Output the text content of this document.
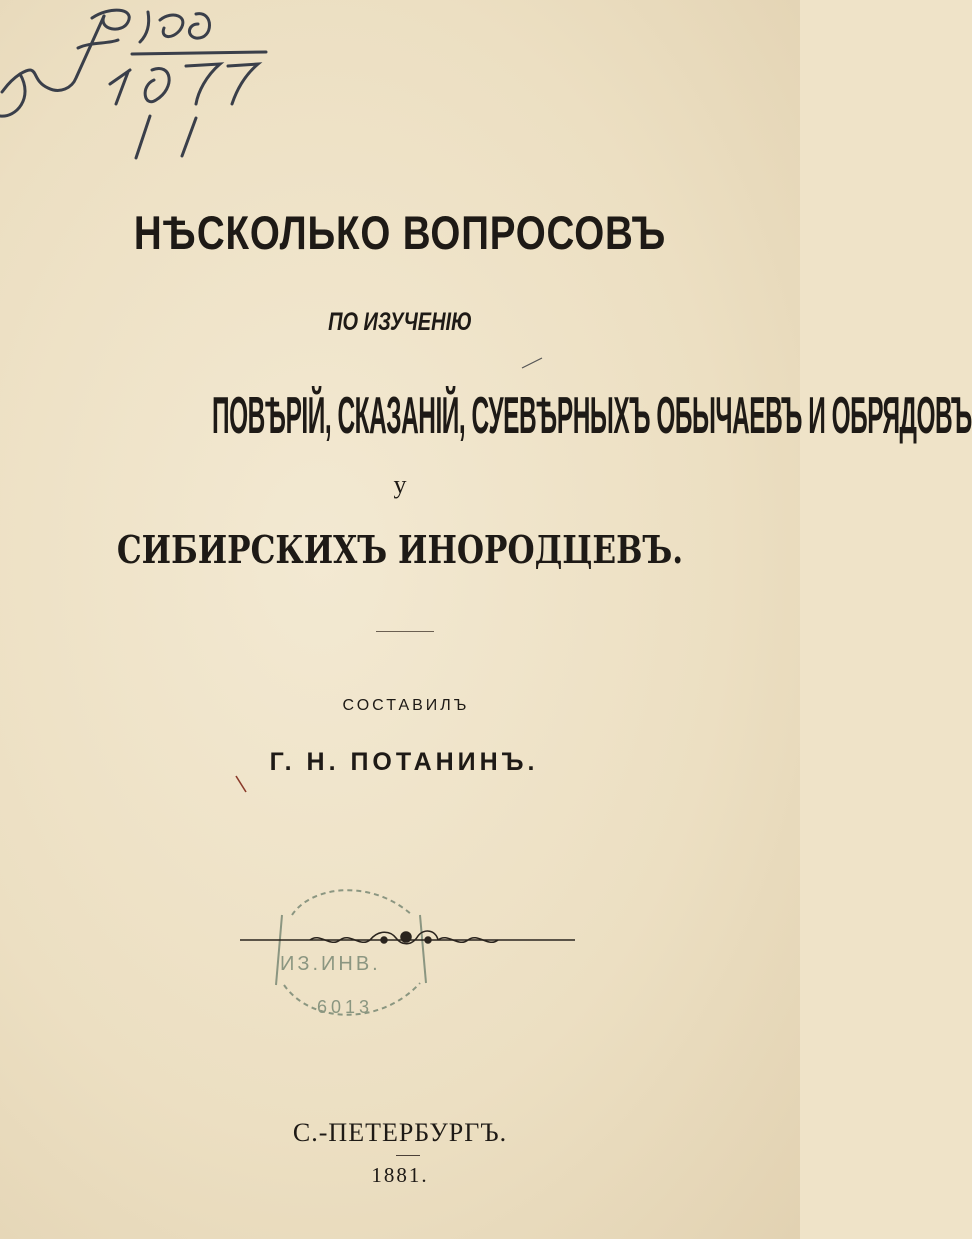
НѢСКОЛЬКО ВОПРОСОВЪ
ПО ИЗУЧЕНІЮ
ПОВѢРІЙ, СКАЗАНІЙ, СУЕВѢРНЫХЪ ОБЫЧАЕВЪ И ОБРЯДОВЪ
у
СИБИРСКИХЪ ИНОРОДЦЕВЪ.
СОСТАВИЛЪ
Г. Н. ПОТАНИНЪ.
ИЗ.ИНВ.
6013
С.-ПЕТЕРБУРГЪ.
1881.
